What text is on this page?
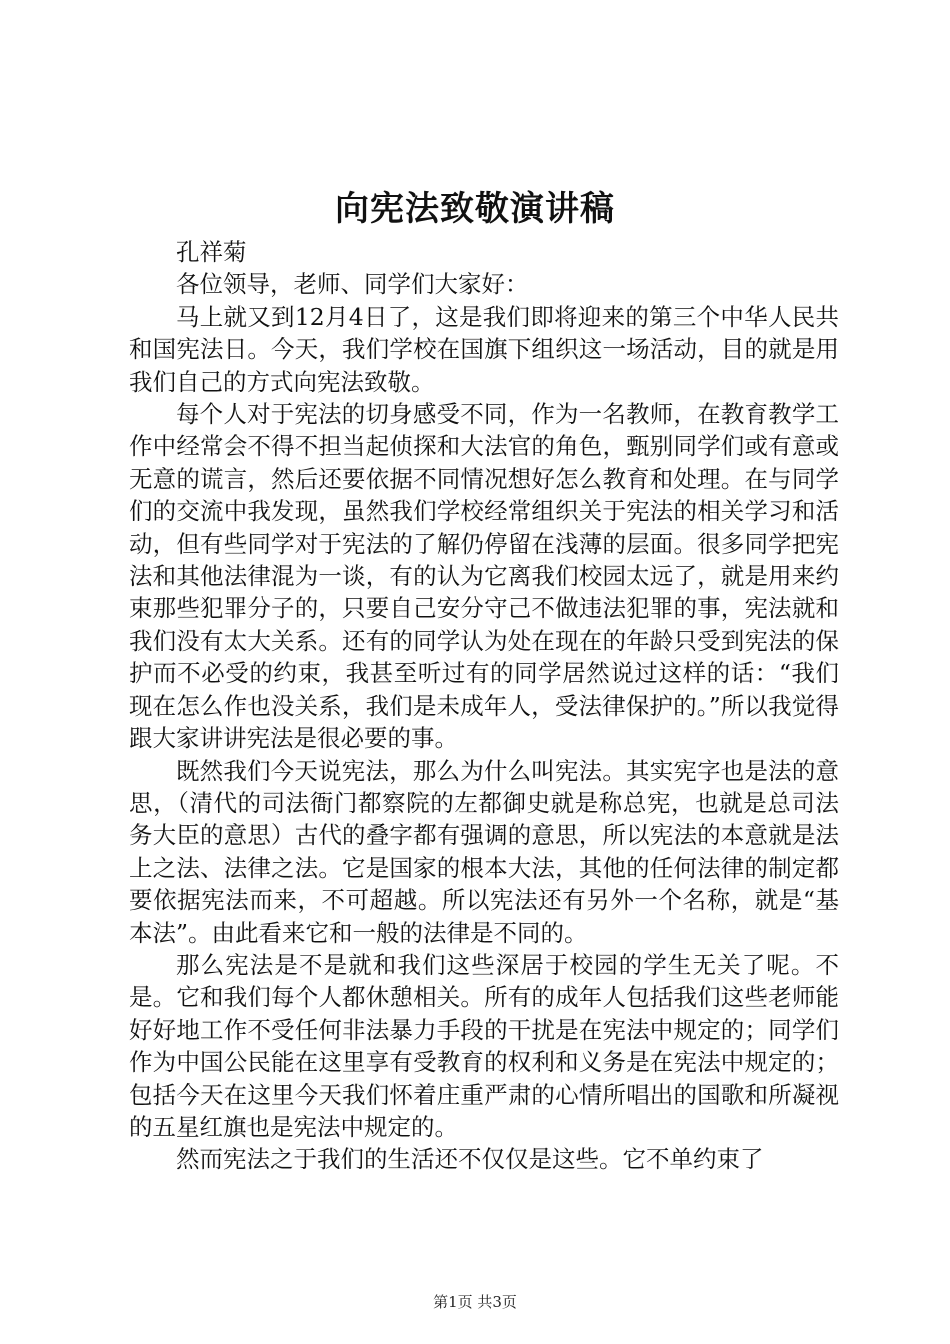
向宪法致敬演讲稿

孔祥菊

各位领导，老师、同学们大家好：

马上就又到12月4日了，这是我们即将迎来的第三个中华人民共和国宪法日。今天，我们学校在国旗下组织这一场活动，目的就是用我们自己的方式向宪法致敬。

每个人对于宪法的切身感受不同，作为一名教师，在教育教学工作中经常会不得不担当起侦探和大法官的角色，甄别同学们或有意或无意的谎言，然后还要依据不同情况想好怎么教育和处理。在与同学们的交流中我发现，虽然我们学校经常组织关于宪法的相关学习和活动，但有些同学对于宪法的了解仍停留在浅薄的层面。很多同学把宪法和其他法律混为一谈，有的认为它离我们校园太远了，就是用来约束那些犯罪分子的，只要自己安分守己不做违法犯罪的事，宪法就和我们没有太大关系。还有的同学认为处在现在的年龄只受到宪法的保护而不必受的约束，我甚至听过有的同学居然说过这样的话：“我们现在怎么作也没关系，我们是未成年人，受法律保护的。”所以我觉得跟大家讲讲宪法是很必要的事。

既然我们今天说宪法，那么为什么叫宪法。其实宪字也是法的意思，（清代的司法衙门都察院的左都御史就是称总宪，也就是总司法务大臣的意思）古代的叠字都有强调的意思，所以宪法的本意就是法上之法、法律之法。它是国家的根本大法，其他的任何法律的制定都要依据宪法而来，不可超越。所以宪法还有另外一个名称，就是“基本法”。由此看来它和一般的法律是不同的。

那么宪法是不是就和我们这些深居于校园的学生无关了呢。不是。它和我们每个人都休憩相关。所有的成年人包括我们这些老师能好好地工作不受任何非法暴力手段的干扰是在宪法中规定的；同学们作为中国公民能在这里享有受教育的权利和义务是在宪法中规定的；包括今天在这里今天我们怀着庄重严肃的心情所唱出的国歌和所凝视的五星红旗也是宪法中规定的。

然而宪法之于我们的生活还不仅仅是这些。它不单约束了

第1页 共3页
